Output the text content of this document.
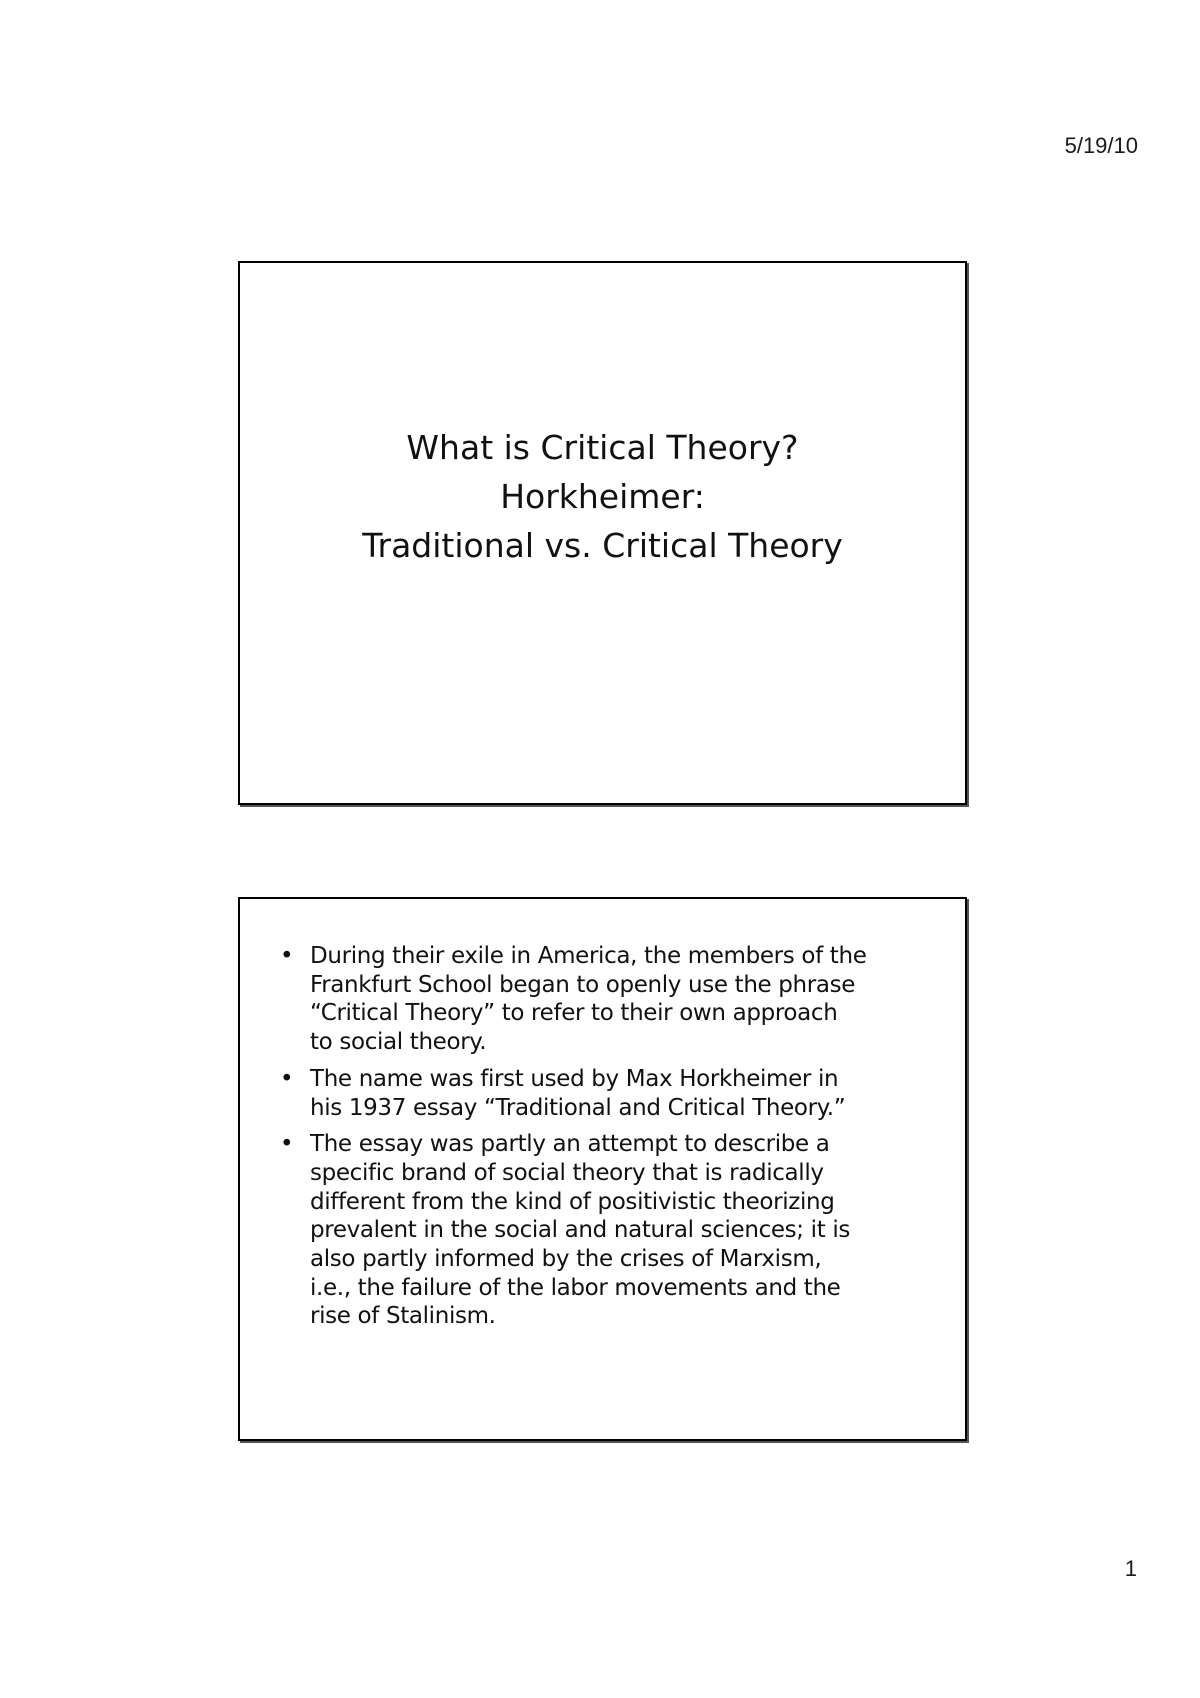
5/19/10
What is Critical Theory?
Horkheimer:
Traditional vs. Critical Theory
• During their exile in America, the members of the
Frankfurt School began to openly use the phrase
“Critical Theory” to refer to their own approach
to social theory.
• The name was first used by Max Horkheimer in
his 1937 essay “Traditional and Critical Theory.”
• The essay was partly an attempt to describe a
specific brand of social theory that is radically
different from the kind of positivistic theorizing
prevalent in the social and natural sciences; it is
also partly informed by the crises of Marxism,
i.e., the failure of the labor movements and the
rise of Stalinism.
1
